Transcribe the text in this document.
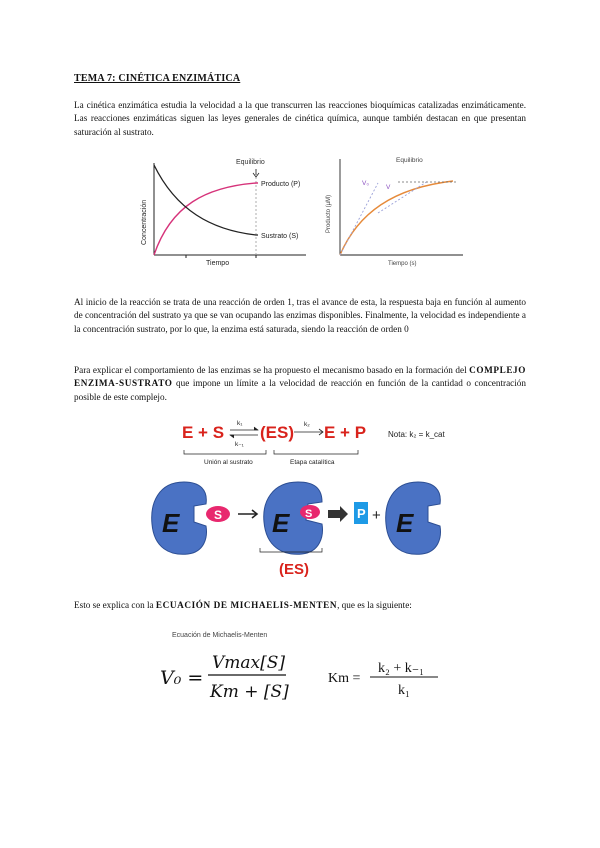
TEMA 7: CINÉTICA ENZIMÁTICA
La cinética enzimática estudia la velocidad a la que transcurren las reacciones bioquímicas catalizadas enzimáticamente. Las reacciones enzimáticas siguen las leyes generales de cinética química, aunque también destacan en que presentan saturación al sustrato.
Equilibrio
Producto (P)
Sustrato (S)
Tiempo
Concentración
Equilibrio
V₀
V
Tiempo (s)
Producto (µM)
Al inicio de la reacción se trata de una reacción de orden 1, tras el avance de esta, la respuesta baja en función al aumento de concentración del sustrato ya que se van ocupando las enzimas disponibles. Finalmente, la velocidad es independiente a la concentración sustrato, por lo que, la enzima está saturada, siendo la reacción de orden 0
Para explicar el comportamiento de las enzimas se ha propuesto el mecanismo basado en la formación del COMPLEJO ENZIMA-SUSTRATO que impone un límite a la velocidad de reacción en función de la cantidad o concentración posible de este complejo.
E + S k₁
k₋₁
(ES) k₂ E + P	Nota: k₂ = k_cat
Unión al sustrato	Etapa catalítica
E	S E S	P + E
(ES)
Esto se explica con la ECUACIÓN DE MICHAELIS-MENTEN, que es la siguiente:
Ecuación de Michaelis-Menten
V₀ =
Vmax[S]
Km + [S]
Km =
k₂ + k₋₁
k₁
